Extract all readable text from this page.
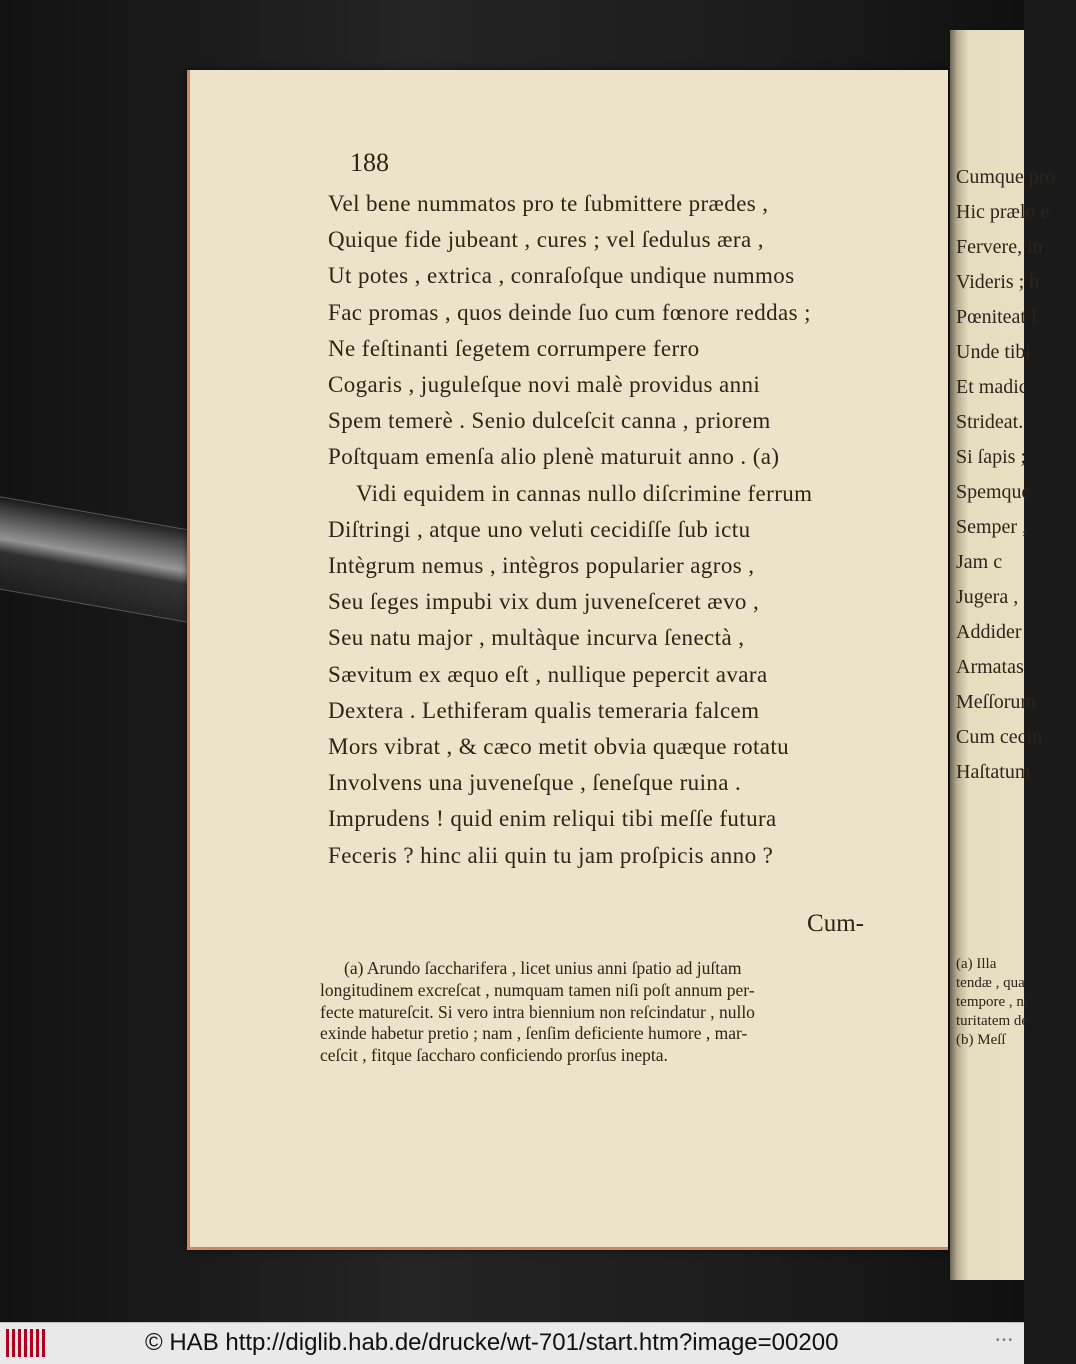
188
Vel bene nummatos pro te ſubmittere prædes ,
Quique fide jubeant , cures ; vel ſedulus æra ,
Ut potes , extrica , conraſoſque undique nummos
Fac promas , quos deinde ſuo cum fœnore reddas ;
Ne feſtinanti ſegetem corrumpere ferro
Cogaris , juguleſque novi malè providus anni
Spem temerè . Senio dulceſcit canna , priorem
Poſtquam emenſa alio plenè maturuit anno . (a)
Vidi equidem in cannas nullo diſcrimine ferrum
Diſtringi , atque uno veluti cecidiſſe ſub ictu
Intègrum nemus , intègros popularier agros ,
Seu ſeges impubi vix dum juveneſceret ævo ,
Seu natu major , multàque incurva ſenectà ,
Sævitum ex æquo eſt , nullique pepercit avara
Dextera . Lethiferam qualis temeraria falcem
Mors vibrat , & cæco metit obvia quæque rotatu
Involvens una juveneſque , ſeneſque ruina .
Imprudens ! quid enim reliqui tibi meſſe futura
Feceris ? hinc alii quin tu jam proſpicis anno ?
Cum-
(a) Arundo ſaccharifera , licet unius anni ſpatio ad juſtam
longitudinem excreſcat , numquam tamen niſi poſt annum per-
fecte matureſcit. Si vero intra biennium non reſcindatur , nullo
exinde habetur pretio ; nam , ſenſim deficiente humore , mar-
ceſcit , fitque ſaccharo conficiendo prorſus inepta.
Cumque pro
Hic prælo e
Fervere, in
Videris ; h
Pœniteat !
Unde tibi
Et madic
Strideat.
Si ſapis ;
Spemque
Semper ,
Jam c
Jugera ,
Addider
Armatas
Meſſorum
Cum cecin
Haſtatum
(a) Illa
tendæ , qua
tempore , ni
turitatem de
(b) Meſſ
© HAB http://diglib.hab.de/drucke/wt-701/start.htm?image=00200	• • •
